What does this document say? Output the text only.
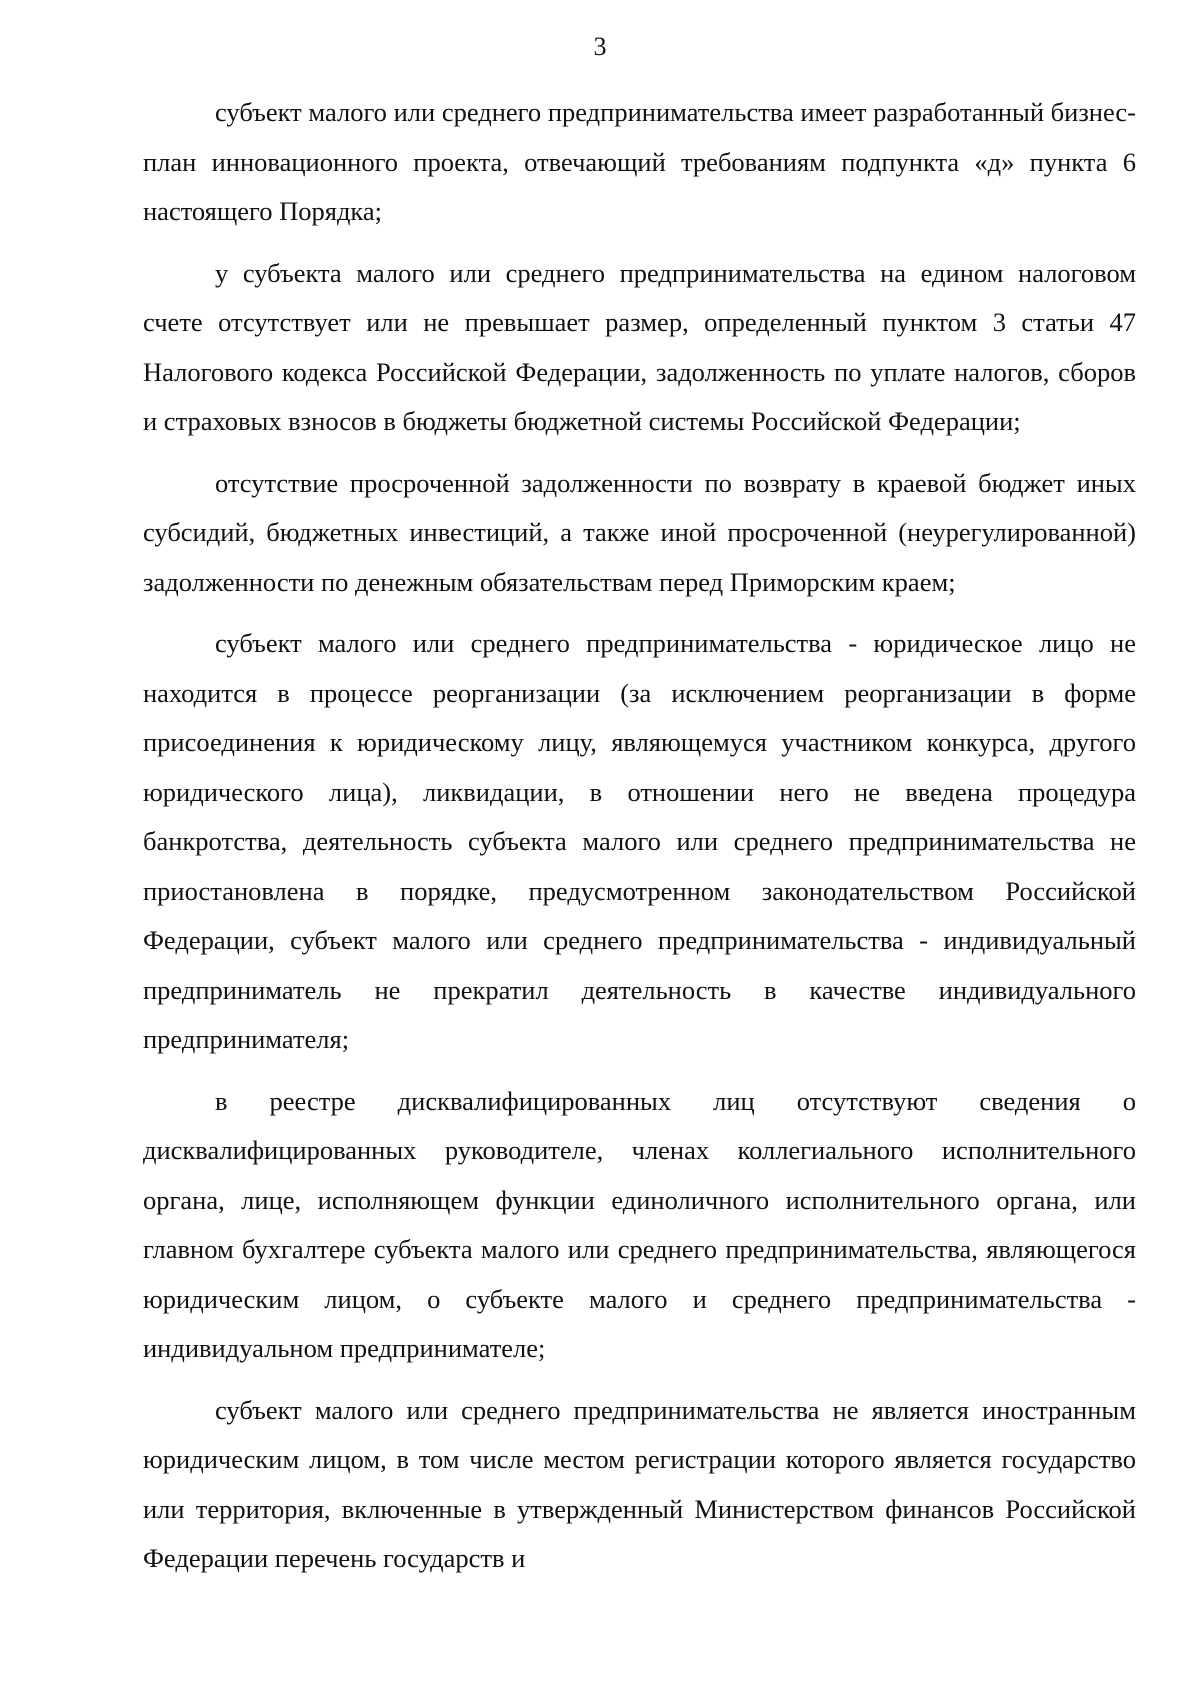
3

субъект малого или среднего предпринимательства имеет разработанный бизнес-план инновационного проекта, отвечающий требованиям подпункта «д» пункта 6 настоящего Порядка;

у субъекта малого или среднего предпринимательства на едином налоговом счете отсутствует или не превышает размер, определенный пунктом 3 статьи 47 Налогового кодекса Российской Федерации, задолженность по уплате налогов, сборов и страховых взносов в бюджеты бюджетной системы Российской Федерации;

отсутствие просроченной задолженности по возврату в краевой бюджет иных субсидий, бюджетных инвестиций, а также иной просроченной (неурегулированной) задолженности по денежным обязательствам перед Приморским краем;

субъект малого или среднего предпринимательства - юридическое лицо не находится в процессе реорганизации (за исключением реорганизации в форме присоединения к юридическому лицу, являющемуся участником конкурса, другого юридического лица), ликвидации, в отношении него не введена процедура банкротства, деятельность субъекта малого или среднего предпринимательства не приостановлена в порядке, предусмотренном законодательством Российской Федерации, субъект малого или среднего предпринимательства - индивидуальный предприниматель не прекратил деятельность в качестве индивидуального предпринимателя;

в реестре дисквалифицированных лиц отсутствуют сведения о дисквалифицированных руководителе, членах коллегиального исполнительного органа, лице, исполняющем функции единоличного исполнительного органа, или главном бухгалтере субъекта малого или среднего предпринимательства, являющегося юридическим лицом, о субъекте малого и среднего предпринимательства - индивидуальном предпринимателе;

субъект малого или среднего предпринимательства не является иностранным юридическим лицом, в том числе местом регистрации которого является государство или территория, включенные в утвержденный Министерством финансов Российской Федерации перечень государств и
